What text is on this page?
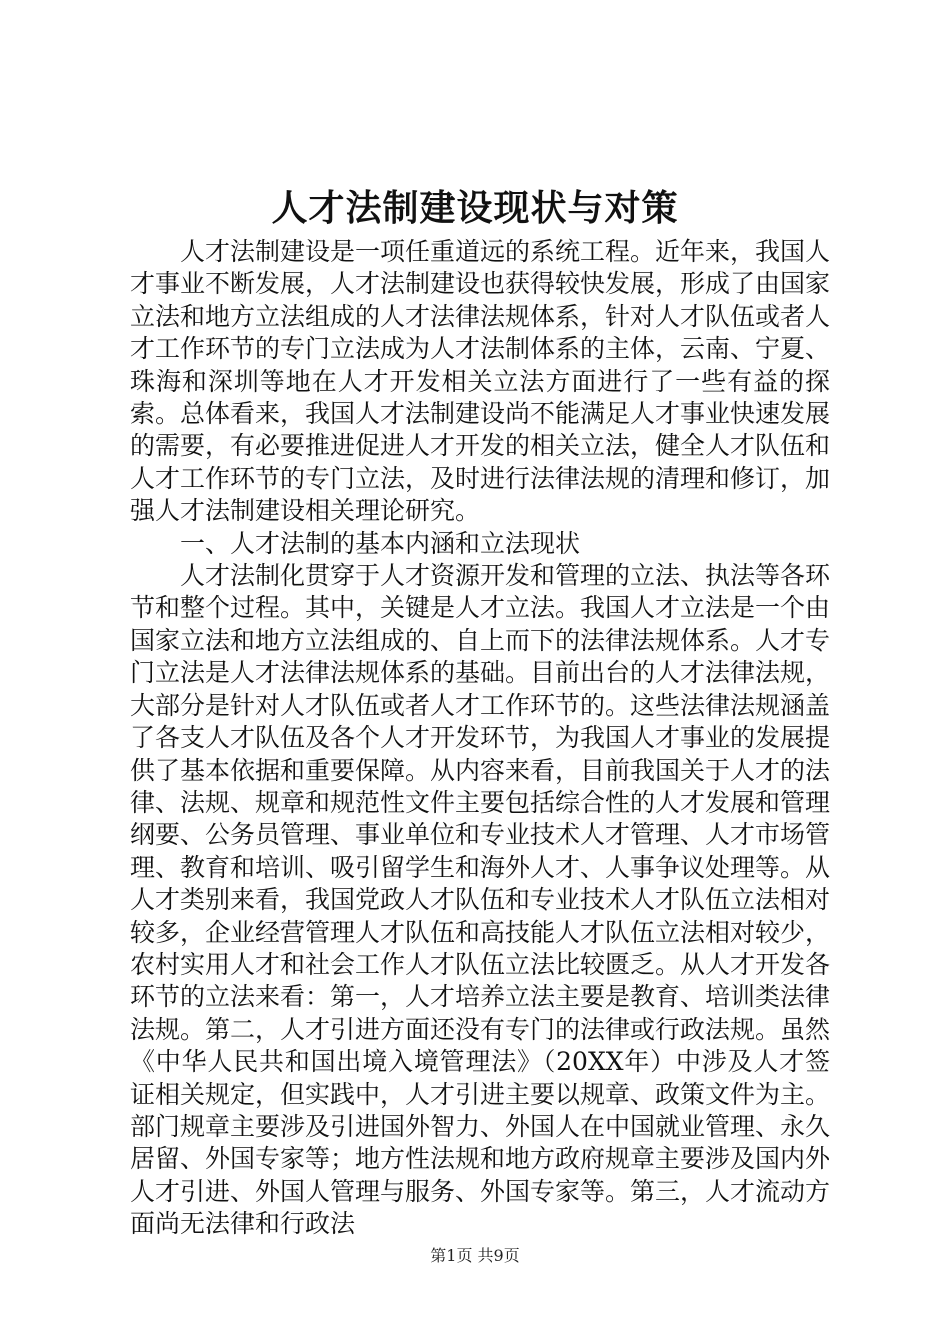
人才法制建设现状与对策

人才法制建设是一项任重道远的系统工程。近年来，我国人才事业不断发展，人才法制建设也获得较快发展，形成了由国家立法和地方立法组成的人才法律法规体系，针对人才队伍或者人才工作环节的专门立法成为人才法制体系的主体，云南、宁夏、珠海和深圳等地在人才开发相关立法方面进行了一些有益的探索。总体看来，我国人才法制建设尚不能满足人才事业快速发展的需要，有必要推进促进人才开发的相关立法，健全人才队伍和人才工作环节的专门立法，及时进行法律法规的清理和修订，加强人才法制建设相关理论研究。

一、人才法制的基本内涵和立法现状

人才法制化贯穿于人才资源开发和管理的立法、执法等各环节和整个过程。其中，关键是人才立法。我国人才立法是一个由国家立法和地方立法组成的、自上而下的法律法规体系。人才专门立法是人才法律法规体系的基础。目前出台的人才法律法规，大部分是针对人才队伍或者人才工作环节的。这些法律法规涵盖了各支人才队伍及各个人才开发环节，为我国人才事业的发展提供了基本依据和重要保障。从内容来看，目前我国关于人才的法律、法规、规章和规范性文件主要包括综合性的人才发展和管理纲要、公务员管理、事业单位和专业技术人才管理、人才市场管理、教育和培训、吸引留学生和海外人才、人事争议处理等。从人才类别来看，我国党政人才队伍和专业技术人才队伍立法相对较多，企业经营管理人才队伍和高技能人才队伍立法相对较少，农村实用人才和社会工作人才队伍立法比较匮乏。从人才开发各环节的立法来看：第一，人才培养立法主要是教育、培训类法律法规。第二，人才引进方面还没有专门的法律或行政法规。虽然《中华人民共和国出境入境管理法》（20XX年）中涉及人才签证相关规定，但实践中，人才引进主要以规章、政策文件为主。部门规章主要涉及引进国外智力、外国人在中国就业管理、永久居留、外国专家等；地方性法规和地方政府规章主要涉及国内外人才引进、外国人管理与服务、外国专家等。第三，人才流动方面尚无法律和行政法

第1页 共9页
